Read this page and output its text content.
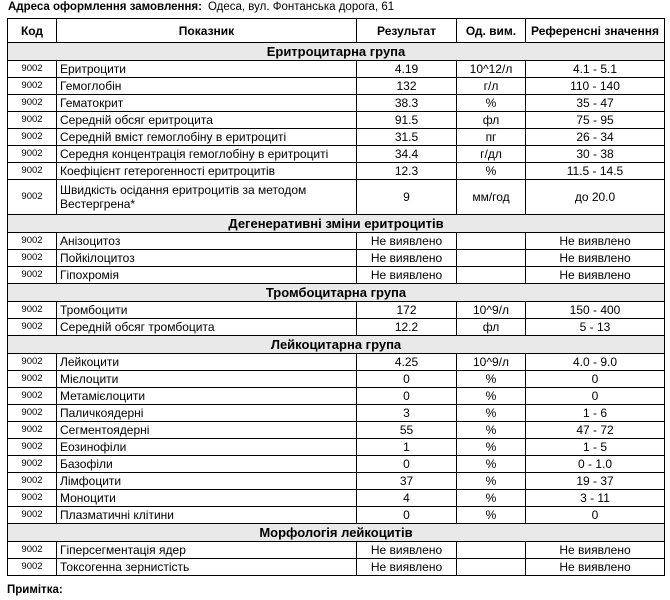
Адреса оформлення замовлення: Одеса, вул. Фонтанська дорога, 61
Код	Показник	Результат	Од. вим.	Референсні значення
Еритроцитарна група				
9002	Еритроцити	4.19	10^12/л	4.1 - 5.1
9002	Гемоглобін	132	г/л	110 - 140
9002	Гематокрит	38.3	%	35 - 47
9002	Середній обсяг еритроцита	91.5	фл	75 - 95
9002	Середній вміст гемоглобіну в еритроциті	31.5	пг	26 - 34
9002	Середня концентрація гемоглобіну в еритроциті	34.4	г/дл	30 - 38
9002	Коефіцієнт гетерогенності еритроцитів	12.3	%	11.5 - 14.5
9002	Швидкість осідання еритроцитів за методом Вестергрена*	9	мм/год	до 20.0
Дегенеративні зміни еритроцитів				
9002	Анізоцитоз	Не виявлено		Не виявлено
9002	Пойкілоцитоз	Не виявлено		Не виявлено
9002	Гіпохромія	Не виявлено		Не виявлено
Тромбоцитарна група				
9002	Тромбоцити	172	10^9/л	150 - 400
9002	Середній обсяг тромбоцита	12.2	фл	5 - 13
Лейкоцитарна група				
9002	Лейкоцити	4.25	10^9/л	4.0 - 9.0
9002	Мієлоцити	0	%	0
9002	Метамієлоцити	0	%	0
9002	Паличкоядерні	3	%	1 - 6
9002	Сегментоядерні	55	%	47 - 72
9002	Еозинофіли	1	%	1 - 5
9002	Базофіли	0	%	0 - 1.0
9002	Лімфоцити	37	%	19 - 37
9002	Моноцити	4	%	3 - 11
9002	Плазматичні клітини	0	%	0
Морфологія лейкоцитів				
9002	Гіперсегментація ядер	Не виявлено		Не виявлено
9002	Токсогенна зернистість	Не виявлено		Не виявлено
Примітка:
